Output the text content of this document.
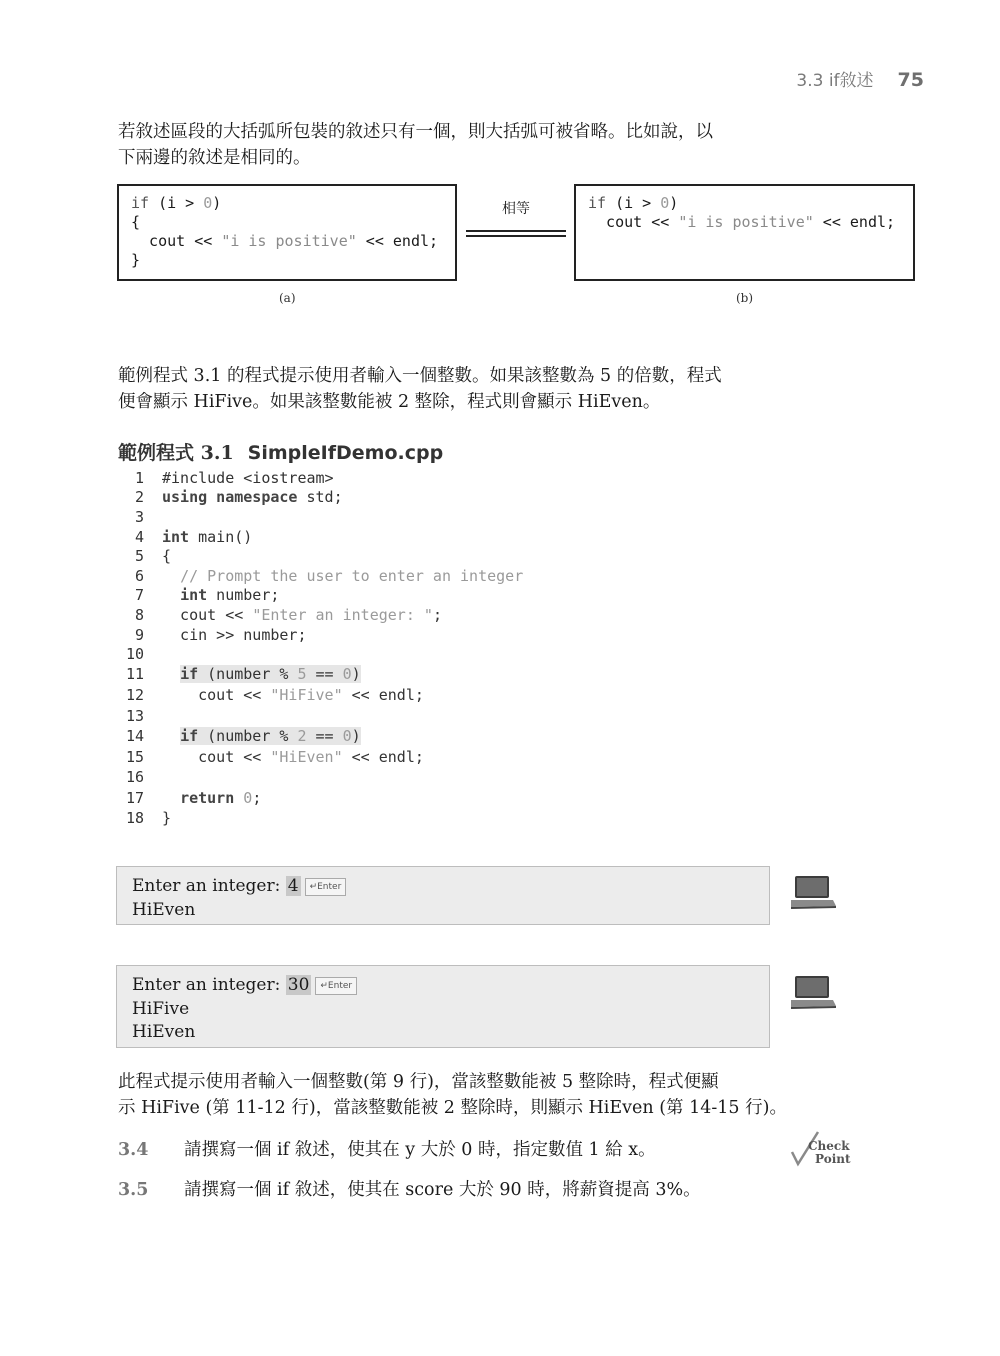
3.3 if敘述 75
若敘述區段的大括弧所包裝的敘述只有一個，則大括弧可被省略。比如說，以
下兩邊的敘述是相同的。
if (i > 0)
{
cout << "i is positive" << endl;
}
相等	if (i > 0)
cout << "i is positive" << endl;
(a)	(b)
範例程式 3.1 的程式提示使用者輸入一個整數。如果該整數為 5 的倍數，程式
便會顯示 HiFive。如果該整數能被 2 整除，程式則會顯示 HiEven。
範例程式 3.1 SimpleIfDemo.cpp
1 #include <iostream>
2 using namespace std;
3
4 int main()
5 {
6	// Prompt the user to enter an integer
7	int number;
8 cout << "Enter an integer: ";
9 cin >> number;
10
11	if (number % 5 == 0)
12 cout << "HiFive" << endl;
13
14	if (number % 2 == 0)
15 cout << "HiEven" << endl;
16
17	return 0;
18 }
Enter an integer: 4 ↵Enter
HiEven
Enter an integer: 30 ↵Enter
HiFive
HiEven
此程式提示使用者輸入一個整數(第 9 行)，當該整數能被 5 整除時，程式便顯
示 HiFive (第 11-12 行)，當該整數能被 2 整除時，則顯示 HiEven (第 14-15 行)。
3.4 請撰寫一個 if 敘述，使其在 y 大於 0 時，指定數值 1 給 x。
3.5 請撰寫一個 if 敘述，使其在 score 大於 90 時，將薪資提高 3%。
Check
Point
